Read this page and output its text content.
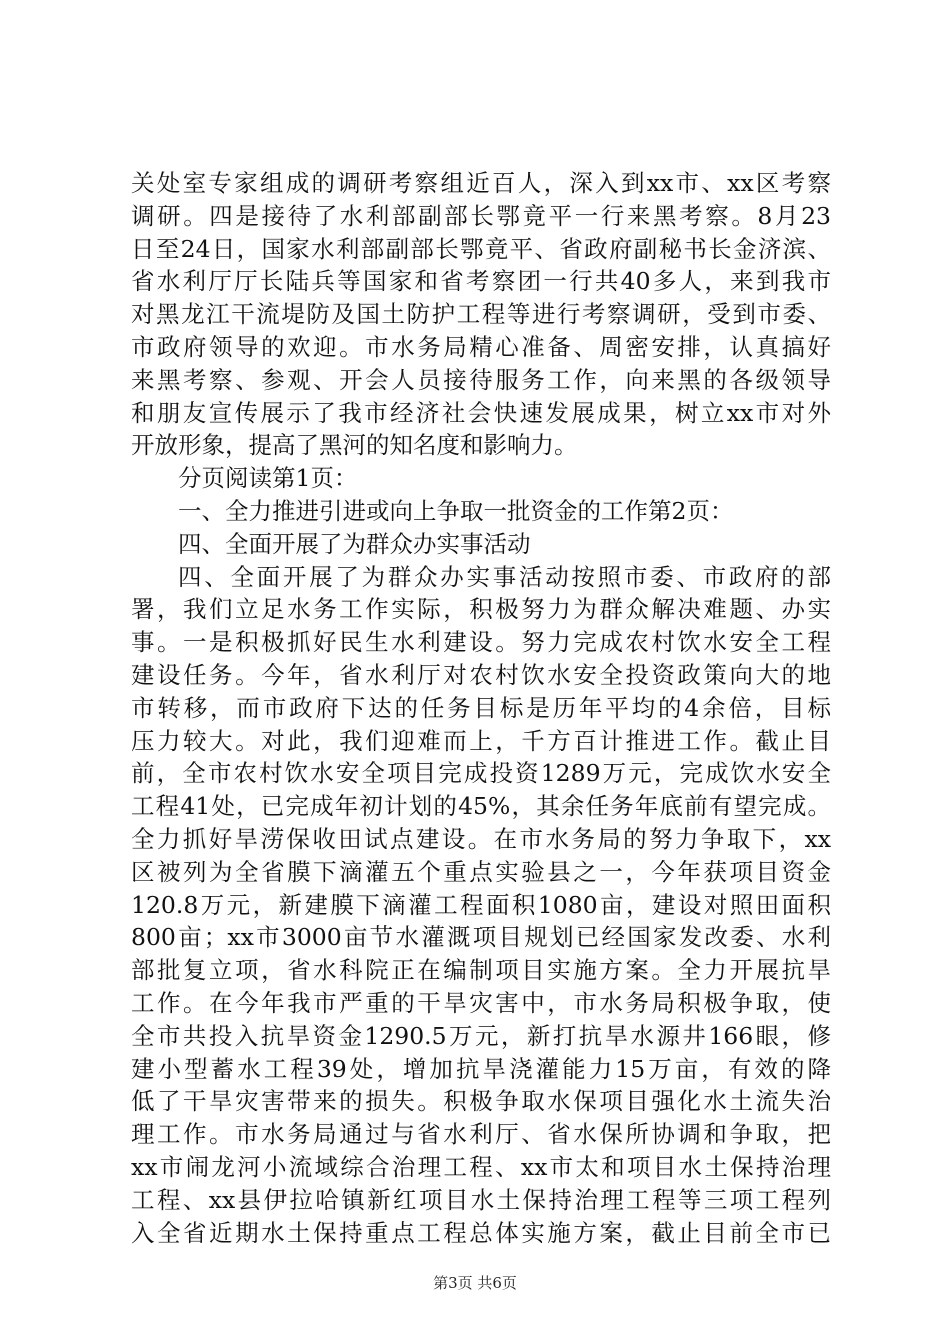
关处室专家组成的调研考察组近百人，深入到xx市、xx区考察
调研。四是接待了水利部副部长鄂竟平一行来黑考察。8月23
日至24日，国家水利部副部长鄂竟平、省政府副秘书长金济滨、
省水利厅厅长陆兵等国家和省考察团一行共40多人，来到我市
对黑龙江干流堤防及国土防护工程等进行考察调研，受到市委、
市政府领导的欢迎。市水务局精心准备、周密安排，认真搞好
来黑考察、参观、开会人员接待服务工作，向来黑的各级领导
和朋友宣传展示了我市经济社会快速发展成果，树立xx市对外
开放形象，提高了黑河的知名度和影响力。
分页阅读第1页：
一、全力推进引进或向上争取一批资金的工作第2页：
四、全面开展了为群众办实事活动
四、全面开展了为群众办实事活动按照市委、市政府的部
署，我们立足水务工作实际，积极努力为群众解决难题、办实
事。一是积极抓好民生水利建设。努力完成农村饮水安全工程
建设任务。今年，省水利厅对农村饮水安全投资政策向大的地
市转移，而市政府下达的任务目标是历年平均的4余倍，目标
压力较大。对此，我们迎难而上，千方百计推进工作。截止目
前，全市农村饮水安全项目完成投资1289万元，完成饮水安全
工程41处，已完成年初计划的45%，其余任务年底前有望完成。
全力抓好旱涝保收田试点建设。在市水务局的努力争取下，xx
区被列为全省膜下滴灌五个重点实验县之一，今年获项目资金
120.8万元，新建膜下滴灌工程面积1080亩，建设对照田面积
800亩；xx市3000亩节水灌溉项目规划已经国家发改委、水利
部批复立项，省水科院正在编制项目实施方案。全力开展抗旱
工作。在今年我市严重的干旱灾害中，市水务局积极争取，使
全市共投入抗旱资金1290.5万元，新打抗旱水源井166眼，修
建小型蓄水工程39处，增加抗旱浇灌能力15万亩，有效的降
低了干旱灾害带来的损失。积极争取水保项目强化水土流失治
理工作。市水务局通过与省水利厅、省水保所协调和争取，把
xx市闹龙河小流域综合治理工程、xx市太和项目水土保持治理
工程、xx县伊拉哈镇新红项目水土保持治理工程等三项工程列
入全省近期水土保持重点工程总体实施方案，截止目前全市已
第3页 共6页
